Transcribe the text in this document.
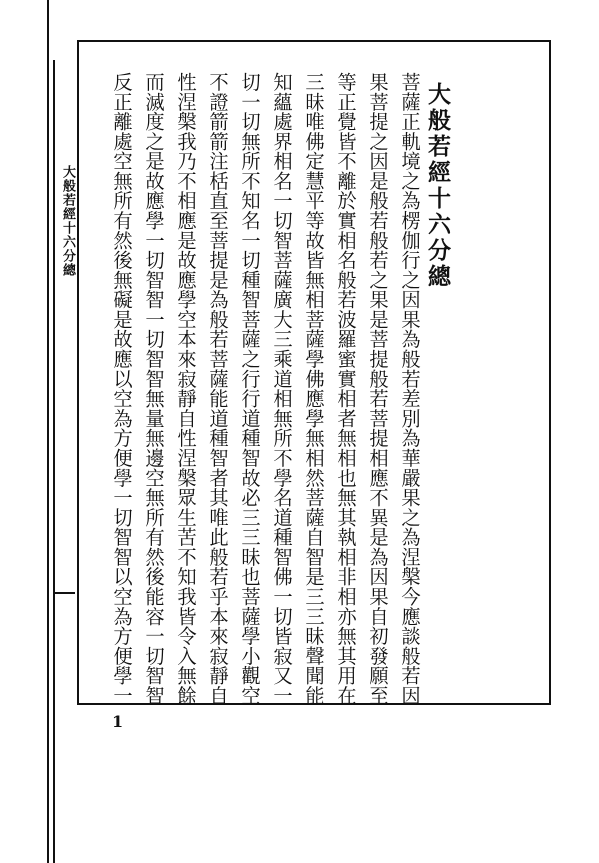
大般若經十六分總	大般若經十六分總
菩薩正軌境之為楞伽行之因果為般若差別為華嚴果之為涅槃今應談般若因
果菩提之因是般若般若之果是菩提般若菩提相應不異是為因果自初發願至
等正覺皆不離於實相名般若波羅蜜實相者無相也無其執相非相亦無其用在
三昧唯佛定慧平等故皆無相菩薩學佛應學無相然菩薩自智是三三昧聲聞能
知蘊處界相名一切智菩薩廣大三乘道相無所不學名道種智佛一切皆寂又一
切一切無所不知名一切種智菩薩之行行道種智故必三三昧也菩薩學小觀空
不證箭箭注栝直至菩提是為般若菩薩能道種智者其唯此般若乎本來寂靜自
性涅槃我乃不相應是故應學空本來寂靜自性涅槃眾生苦不知我皆令入無餘
而滅度之是故應學一切智智一切智智無量無邊空無所有然後能容一切智智
反正離處空無所有然後無礙是故應以空為方便學一切智智以空為方便學一
1
